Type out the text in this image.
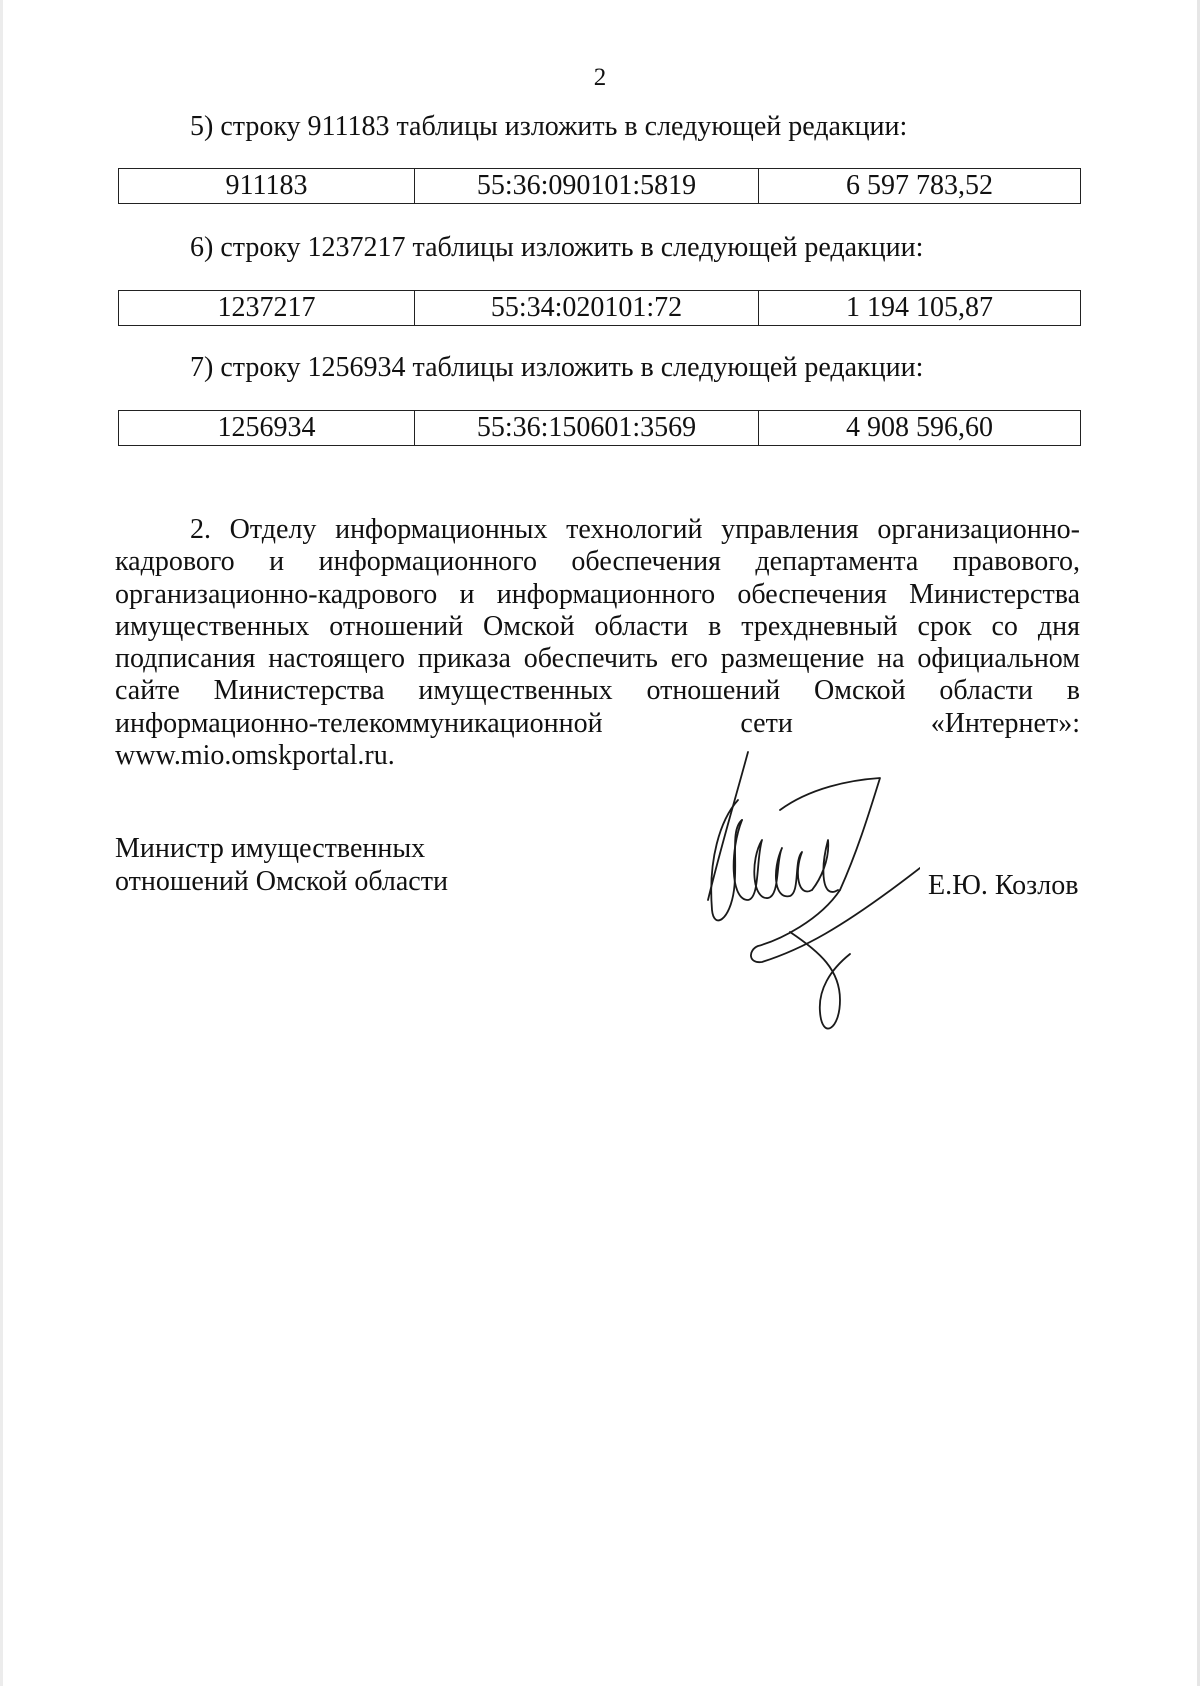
2
5) строку 911183 таблицы изложить в следующей редакции:
911183	55:36:090101:5819	6 597 783,52
6) строку 1237217 таблицы изложить в следующей редакции:
1237217	55:34:020101:72	1 194 105,87
7) строку 1256934 таблицы изложить в следующей редакции:
1256934	55:36:150601:3569	4 908 596,60
2. Отделу информационных технологий управления организационно-кадрового и информационного обеспечения департамента правового, организационно-кадрового и информационного обеспечения Министерства имущественных отношений Омской области в трехдневный срок со дня подписания настоящего приказа обеспечить его размещение на официальном сайте Министерства имущественных отношений Омской области в информационно-телекоммуникационной сети «Интернет»: www.mio.omskportal.ru.
Министр имущественных
отношений Омской области	Е.Ю. Козлов
